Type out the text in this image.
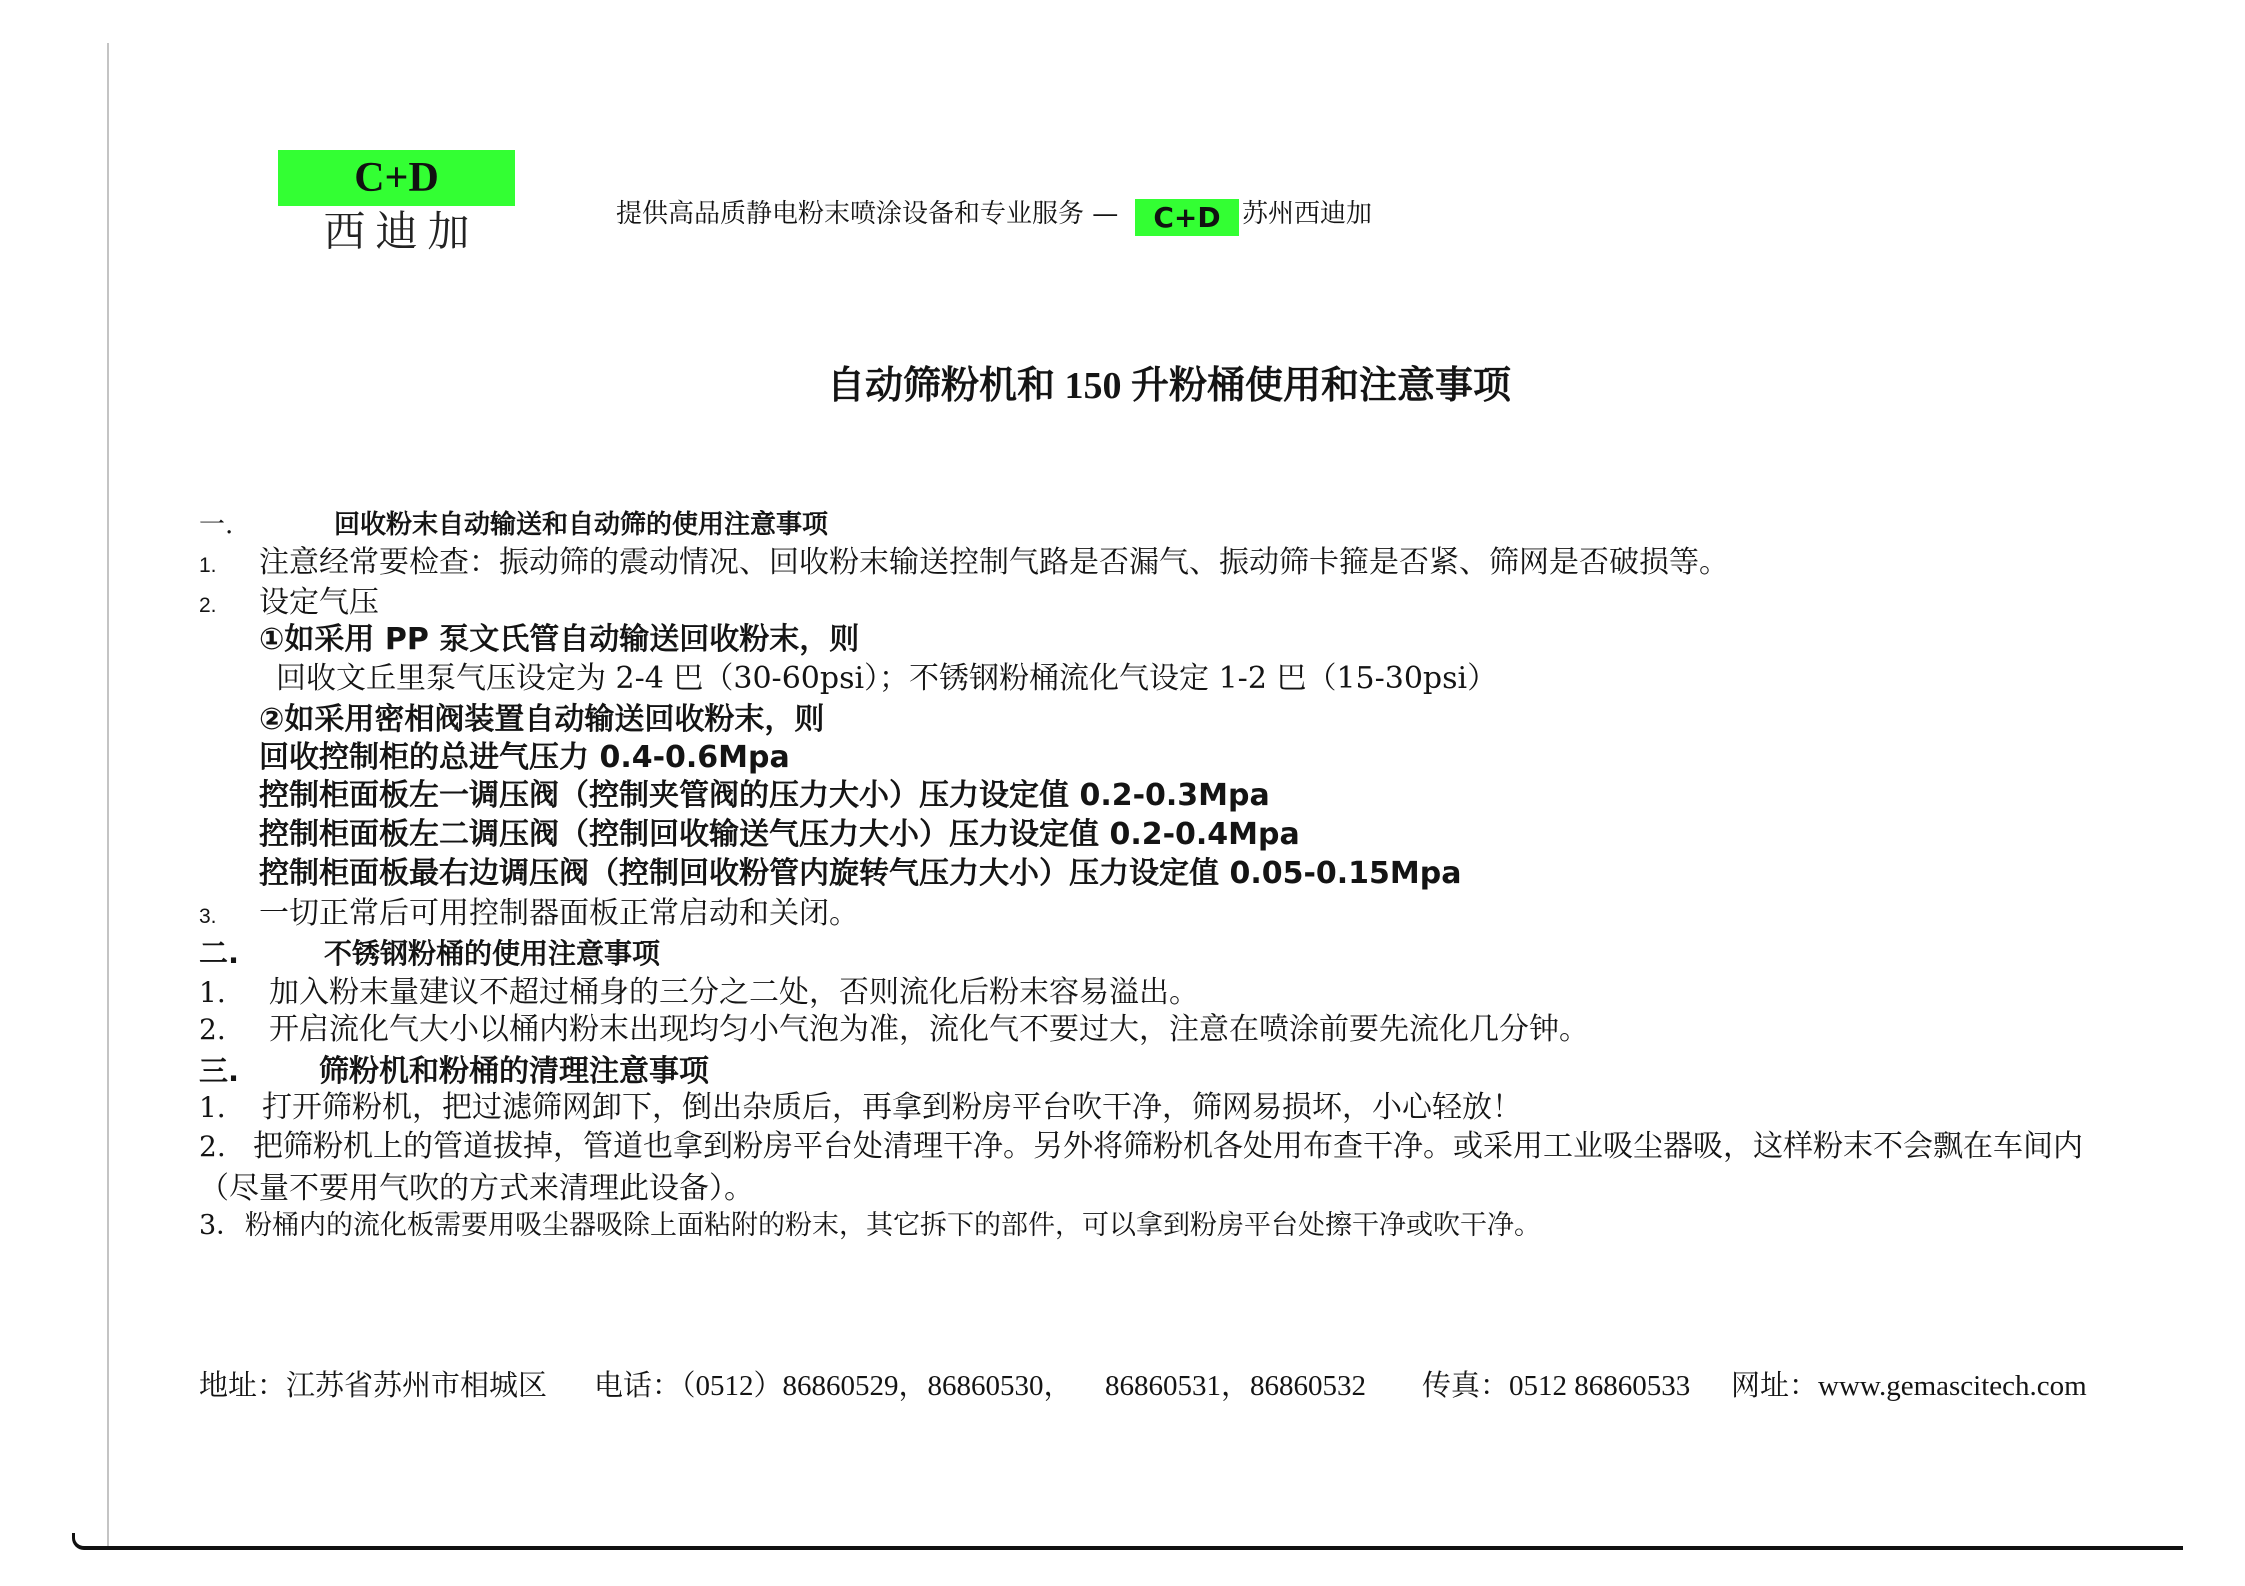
C+D
西迪加	提供高品质静电粉末喷涂设备和专业服务 —	C+D 苏州西迪加
自动筛粉机和 150 升粉桶使用和注意事项
一.	回收粉末自动输送和自动筛的使用注意事项
1.	注意经常要检查：振动筛的震动情况、回收粉末输送控制气路是否漏气、振动筛卡箍是否紧、筛网是否破损等。
2.	设定气压
①如采用 PP 泵文氏管自动输送回收粉末，则
回收文丘里泵气压设定为 2-4 巴（30-60psi）；不锈钢粉桶流化气设定 1-2 巴（15-30psi）
②如采用密相阀装置自动输送回收粉末，则
回收控制柜的总进气压力 0.4-0.6Mpa
控制柜面板左一调压阀（控制夹管阀的压力大小）压力设定值 0.2-0.3Mpa
控制柜面板左二调压阀（控制回收输送气压力大小）压力设定值 0.2-0.4Mpa
控制柜面板最右边调压阀（控制回收粉管内旋转气压力大小）压力设定值 0.05-0.15Mpa
3.	一切正常后可用控制器面板正常启动和关闭。
二.	不锈钢粉桶的使用注意事项
1.	加入粉末量建议不超过桶身的三分之二处，否则流化后粉末容易溢出。
2.	开启流化气大小以桶内粉末出现均匀小气泡为准，流化气不要过大，注意在喷涂前要先流化几分钟。
三.	筛粉机和粉桶的清理注意事项
1． 打开筛粉机，把过滤筛网卸下，倒出杂质后，再拿到粉房平台吹干净，筛网易损坏，小心轻放！
2. 把筛粉机上的管道拔掉，管道也拿到粉房平台处清理干净。另外将筛粉机各处用布查干净。或采用工业吸尘器吸，这样粉末不会飘在车间内（尽量不要用气吹的方式来清理此设备）。
3． 粉桶内的流化板需要用吸尘器吸除上面粘附的粉末，其它拆下的部件，可以拿到粉房平台处擦干净或吹干净。
地址：江苏省苏州市相城区 电话：（0512）86860529，86860530， 86860531，86860532 传真：0512 86860533 网址：www.gemascitech.com
